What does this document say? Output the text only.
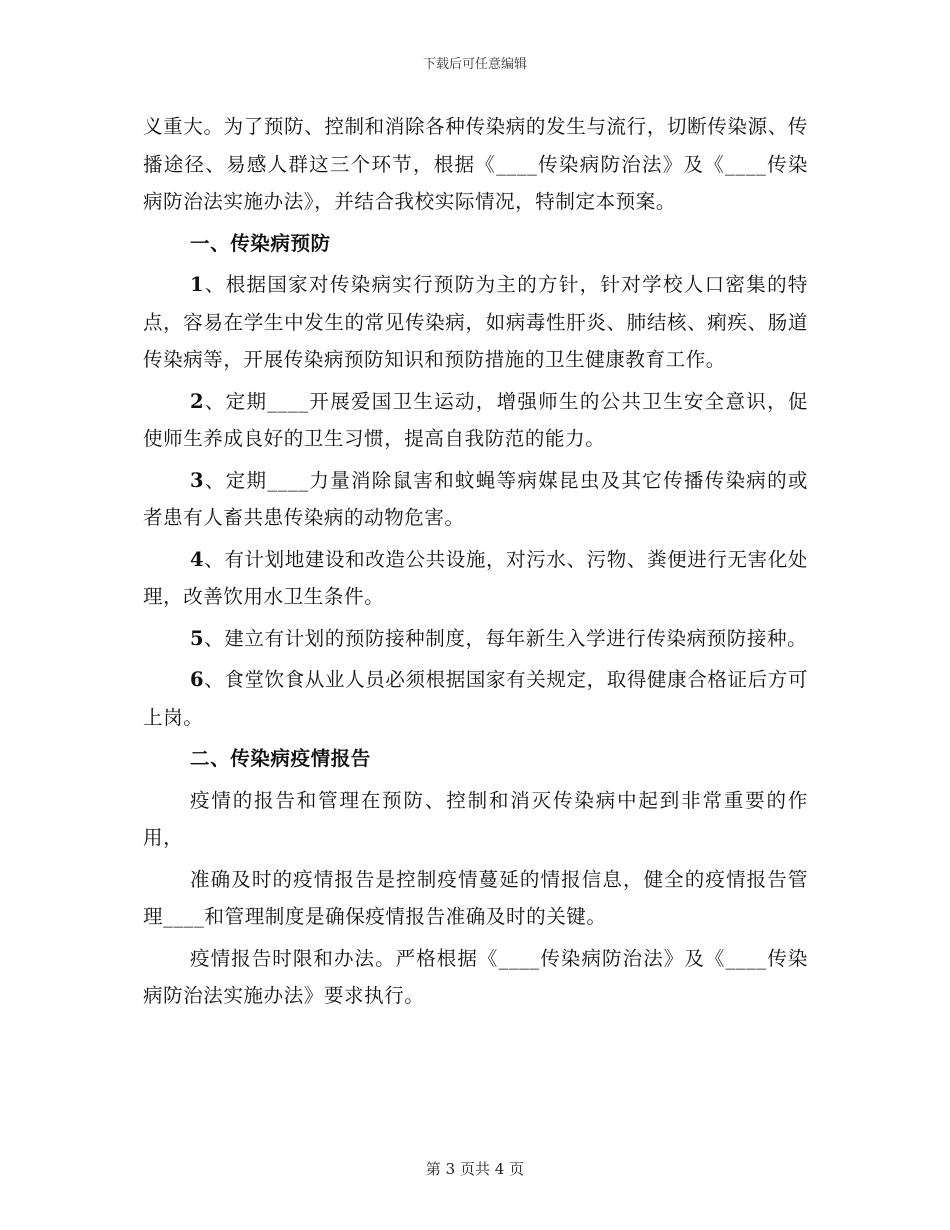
下载后可任意编辑

义重大。为了预防、控制和消除各种传染病的发生与流行，切断传染源、传播途径、易感人群这三个环节，根据《____传染病防治法》及《____传染病防治法实施办法》，并结合我校实际情况，特制定本预案。

一、传染病预防

1、根据国家对传染病实行预防为主的方针，针对学校人口密集的特点，容易在学生中发生的常见传染病，如病毒性肝炎、肺结核、痢疾、肠道传染病等，开展传染病预防知识和预防措施的卫生健康教育工作。

2、定期____开展爱国卫生运动，增强师生的公共卫生安全意识，促使师生养成良好的卫生习惯，提高自我防范的能力。

3、定期____力量消除鼠害和蚊蝇等病媒昆虫及其它传播传染病的或者患有人畜共患传染病的动物危害。

4、有计划地建设和改造公共设施，对污水、污物、粪便进行无害化处理，改善饮用水卫生条件。

5、建立有计划的预防接种制度，每年新生入学进行传染病预防接种。

6、食堂饮食从业人员必须根据国家有关规定，取得健康合格证后方可上岗。

二、传染病疫情报告

疫情的报告和管理在预防、控制和消灭传染病中起到非常重要的作用，

准确及时的疫情报告是控制疫情蔓延的情报信息，健全的疫情报告管理____和管理制度是确保疫情报告准确及时的关键。

疫情报告时限和办法。严格根据《____传染病防治法》及《____传染病防治法实施办法》要求执行。

第 3 页共 4 页
